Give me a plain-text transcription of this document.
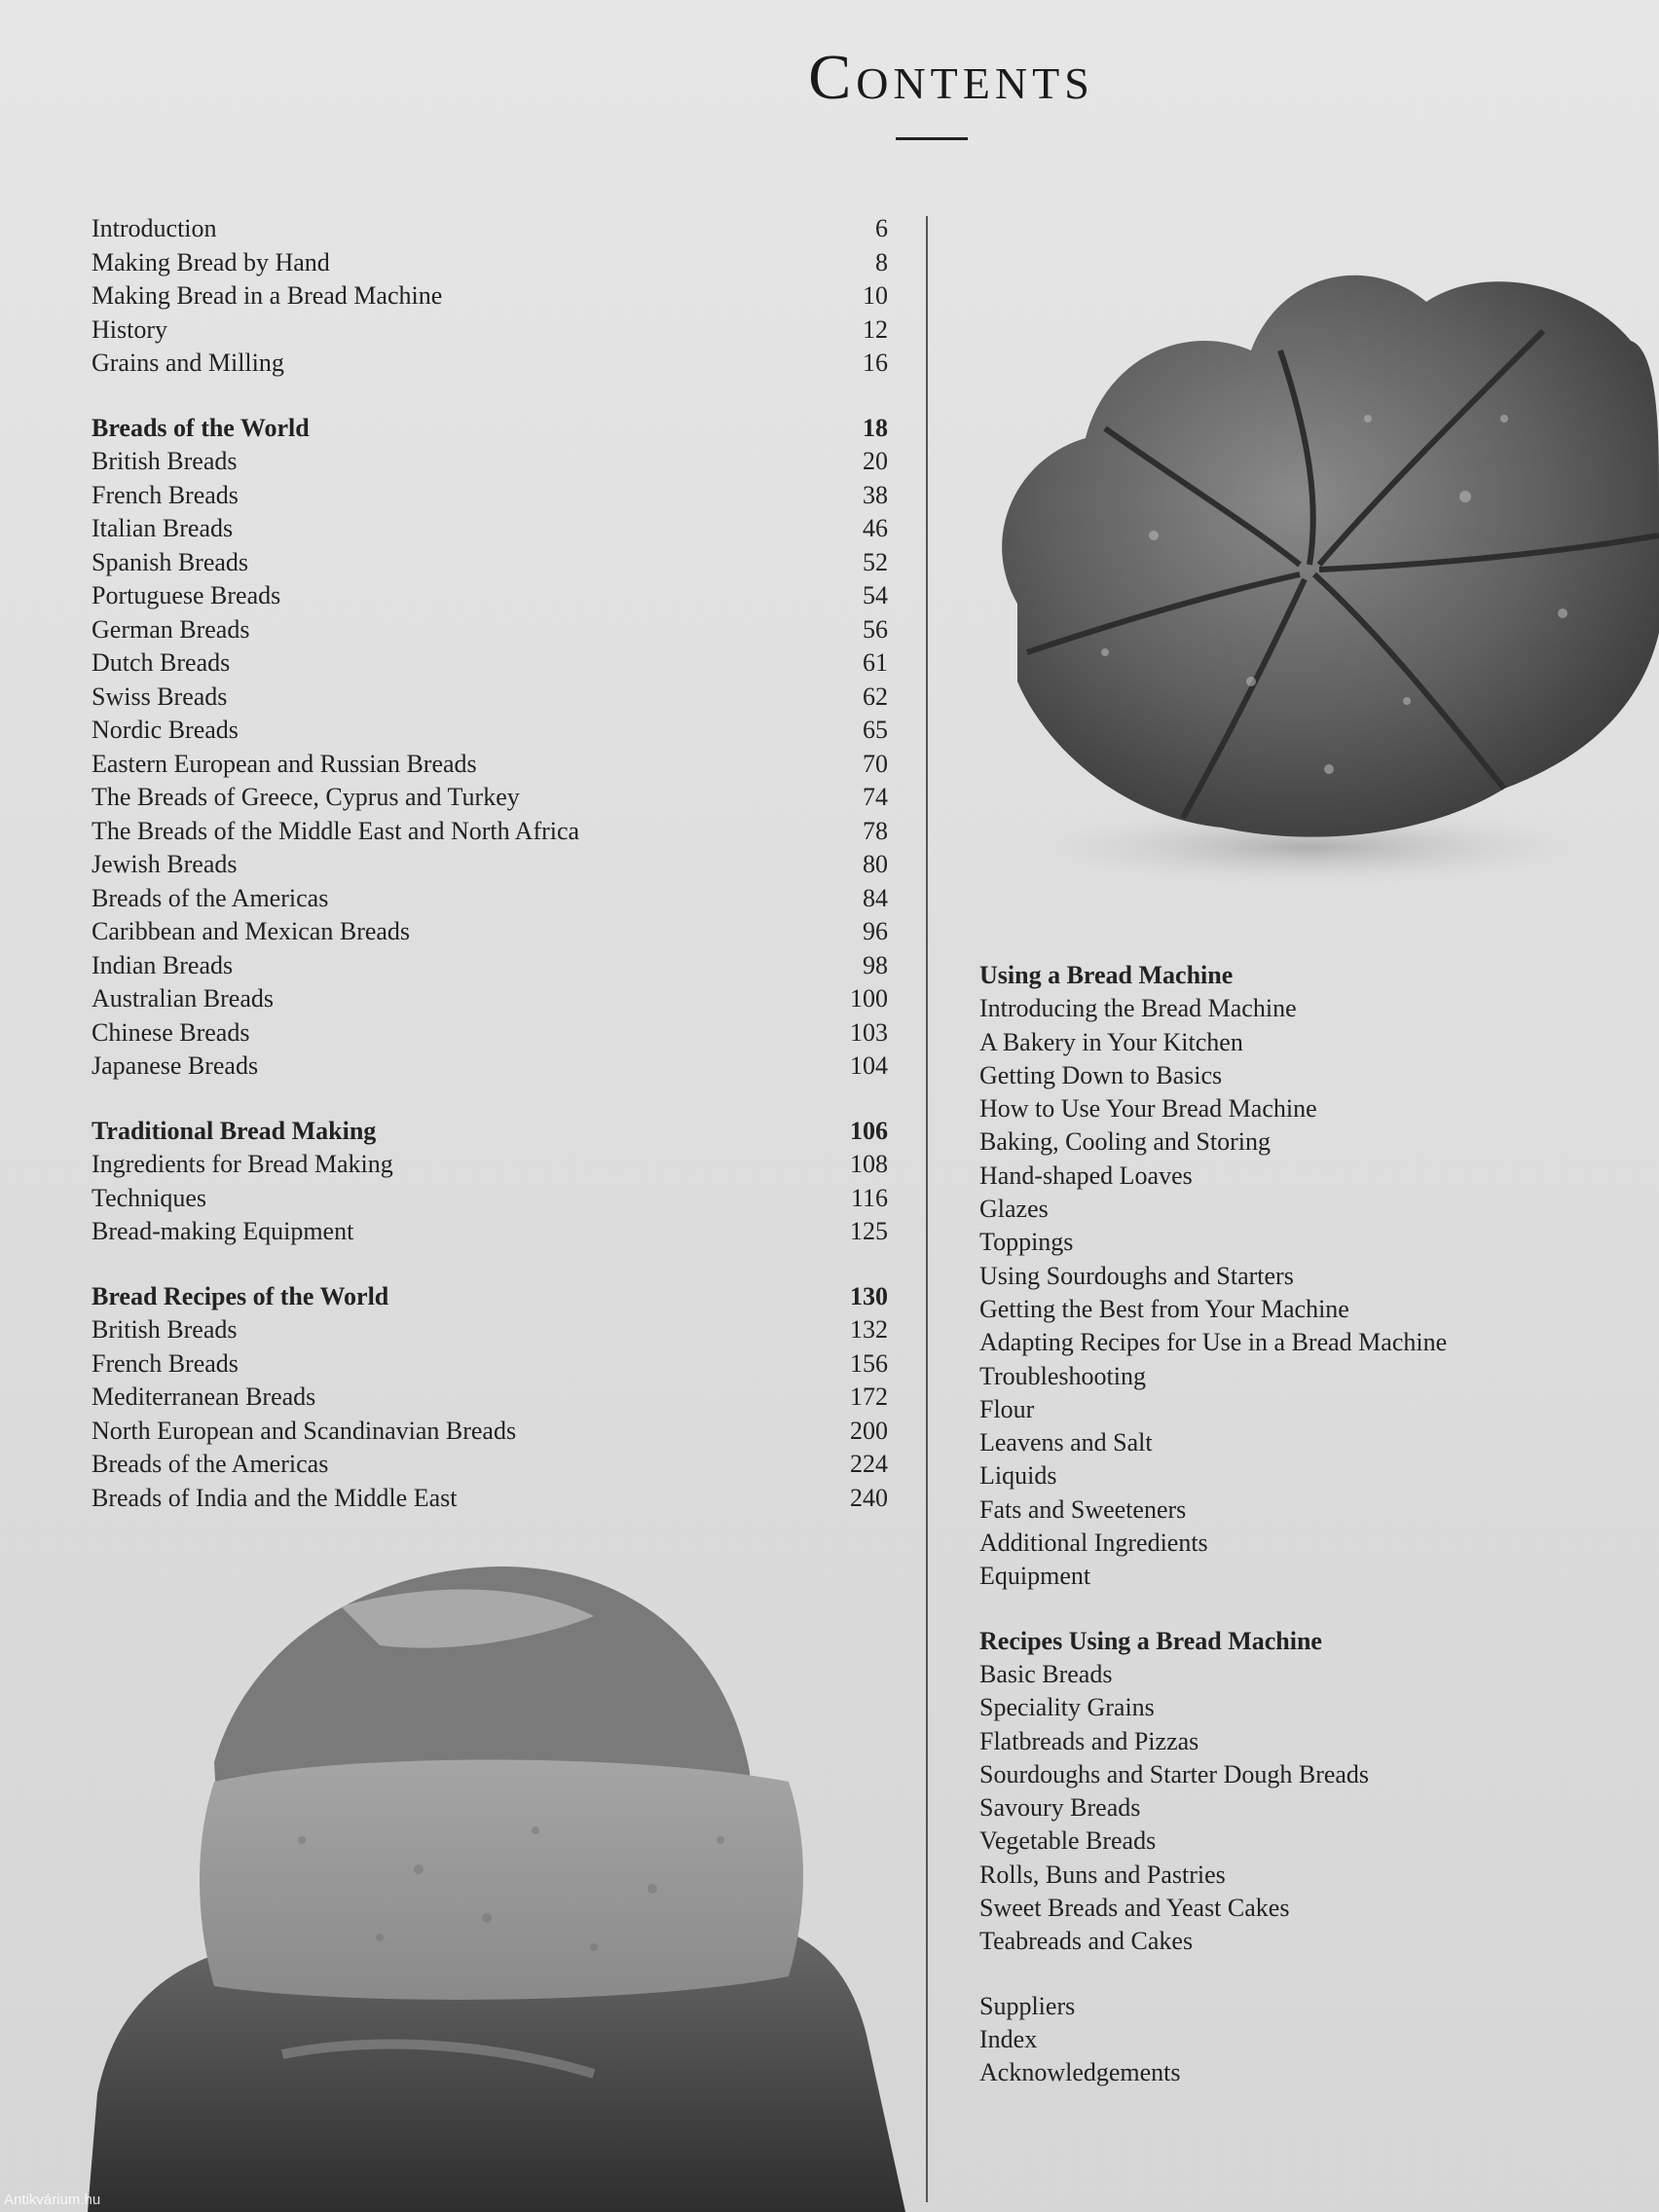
Contents
Introduction	6
Making Bread by Hand	8
Making Bread in a Bread Machine	10
History	12
Grains and Milling	16
Breads of the World	18
British Breads	20
French Breads	38
Italian Breads	46
Spanish Breads	52
Portuguese Breads	54
German Breads	56
Dutch Breads	61
Swiss Breads	62
Nordic Breads	65
Eastern European and Russian Breads	70
The Breads of Greece, Cyprus and Turkey	74
The Breads of the Middle East and North Africa	78
Jewish Breads	80
Breads of the Americas	84
Caribbean and Mexican Breads	96
Indian Breads	98
Australian Breads	100
Chinese Breads	103
Japanese Breads	104
Traditional Bread Making	106
Ingredients for Bread Making	108
Techniques	116
Bread-making Equipment	125
Bread Recipes of the World	130
British Breads	132
French Breads	156
Mediterranean Breads	172
North European and Scandinavian Breads	200
Breads of the Americas	224
Breads of India and the Middle East	240
Using a Bread Machine
Introducing the Bread Machine
A Bakery in Your Kitchen
Getting Down to Basics
How to Use Your Bread Machine
Baking, Cooling and Storing
Hand-shaped Loaves
Glazes
Toppings
Using Sourdoughs and Starters
Getting the Best from Your Machine
Adapting Recipes for Use in a Bread Machine
Troubleshooting
Flour
Leavens and Salt
Liquids
Fats and Sweeteners
Additional Ingredients
Equipment
Recipes Using a Bread Machine
Basic Breads
Speciality Grains
Flatbreads and Pizzas
Sourdoughs and Starter Dough Breads
Savoury Breads
Vegetable Breads
Rolls, Buns and Pastries
Sweet Breads and Yeast Cakes
Teabreads and Cakes
Suppliers
Index
Acknowledgements
Antikvárium.hu
